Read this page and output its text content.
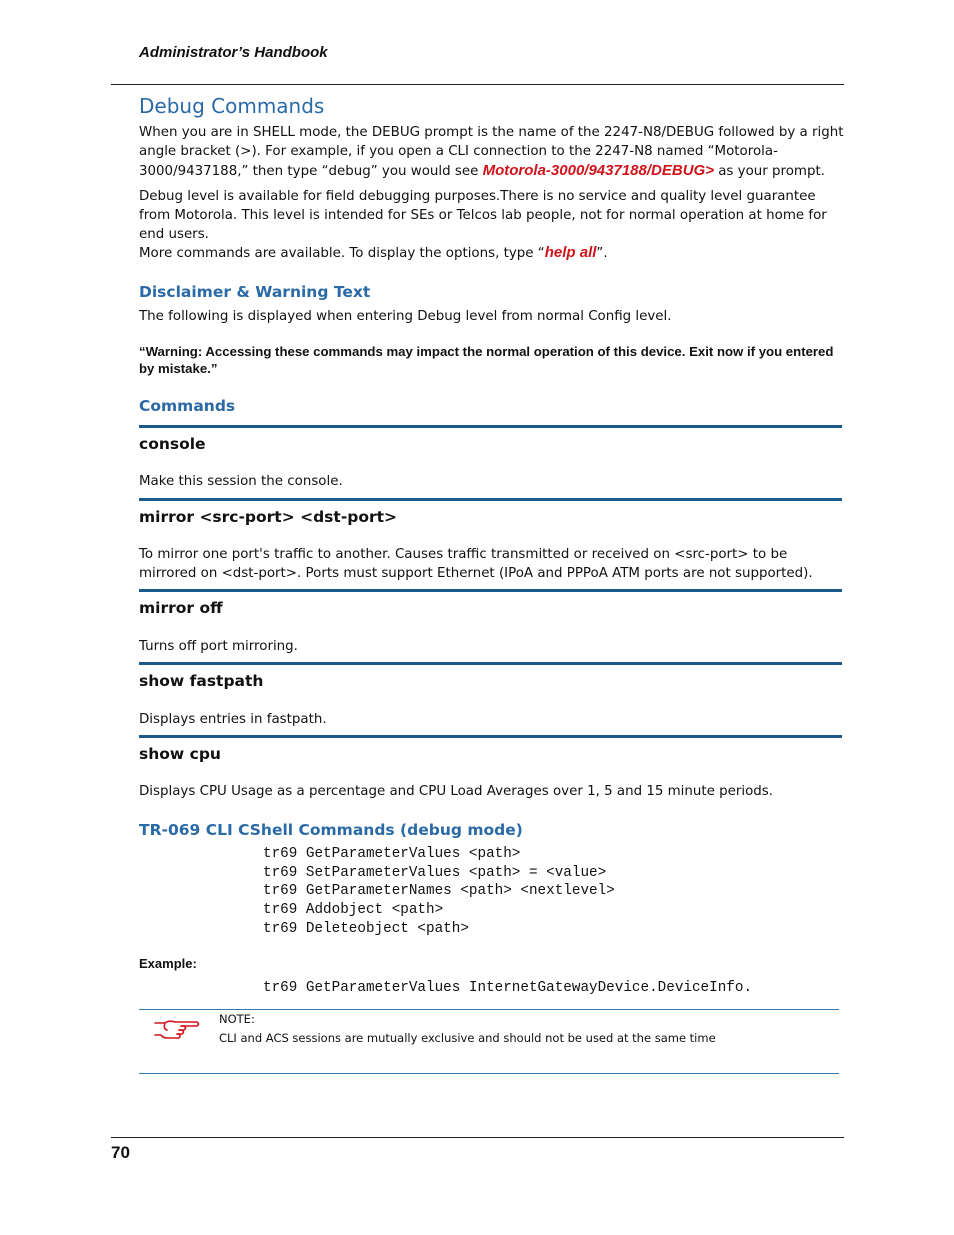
Administrator’s Handbook
Debug Commands
When you are in SHELL mode, the DEBUG prompt is the name of the 2247-N8/DEBUG followed by a right angle bracket (>). For example, if you open a CLI connection to the 2247-N8 named “Motorola-3000/9437188,” then type “debug” you would see Motorola-3000/9437188/DEBUG> as your prompt.
Debug level is available for field debugging purposes.There is no service and quality level guarantee from Motorola. This level is intended for SEs or Telcos lab people, not for normal operation at home for end users.
More commands are available. To display the options, type “help all”.
Disclaimer & Warning Text
The following is displayed when entering Debug level from normal Config level.
“Warning: Accessing these commands may impact the normal operation of this device. Exit now if you entered by mistake.”
Commands
console
Make this session the console.
mirror <src-port> <dst-port>
To mirror one port's traffic to another. Causes traffic transmitted or received on <src-port> to be mirrored on <dst-port>. Ports must support Ethernet (IPoA and PPPoA ATM ports are not supported).
mirror off
Turns off port mirroring.
show fastpath
Displays entries in fastpath.
show cpu
Displays CPU Usage as a percentage and CPU Load Averages over 1, 5 and 15 minute periods.
TR-069 CLI CShell Commands (debug mode)
tr69 GetParameterValues <path>
tr69 SetParameterValues <path> = <value>
tr69 GetParameterNames <path> <nextlevel>
tr69 Addobject <path>
tr69 Deleteobject <path>
Example:
tr69 GetParameterValues InternetGatewayDevice.DeviceInfo.
NOTE:
CLI and ACS sessions are mutually exclusive and should not be used at the same time
70
